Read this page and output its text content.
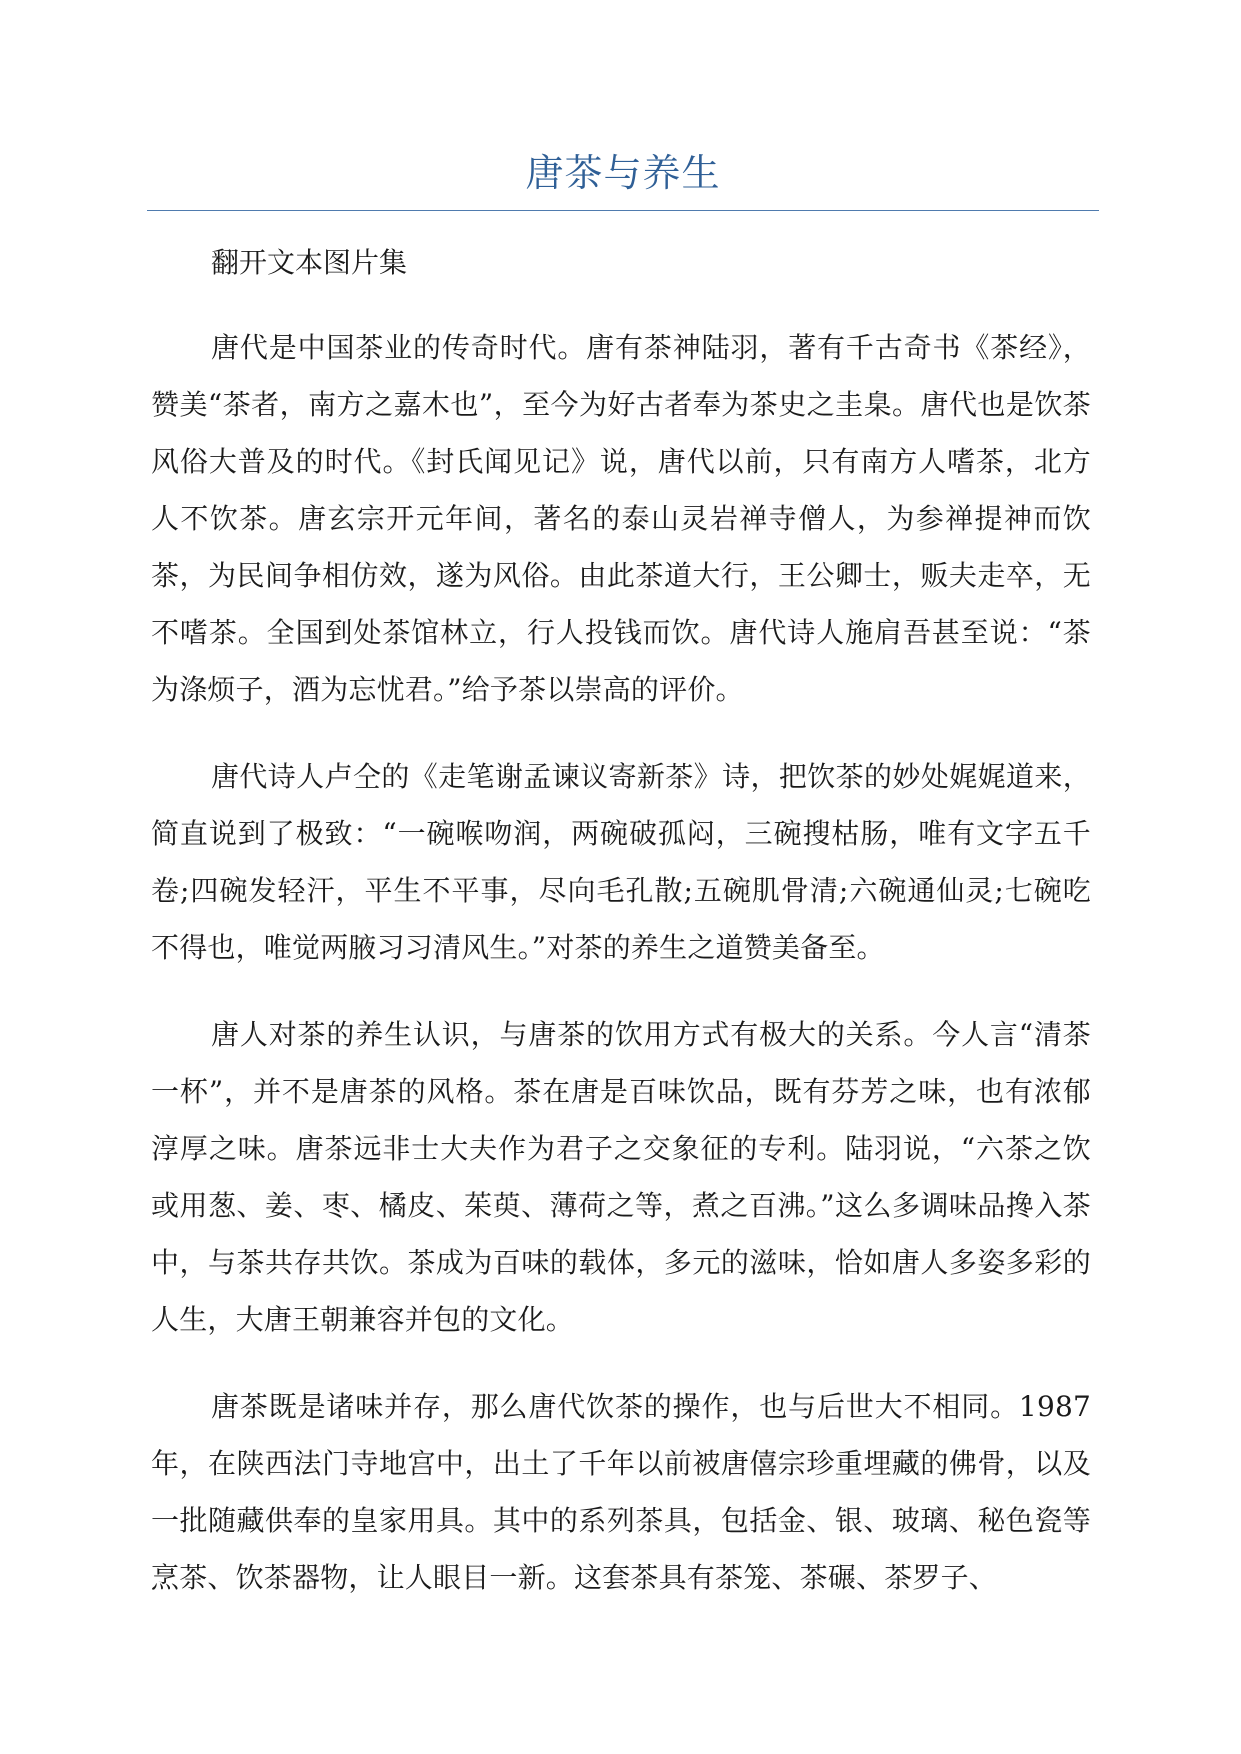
唐茶与养生

翻开文本图片集

唐代是中国茶业的传奇时代。唐有茶神陆羽，著有千古奇书《茶经》，赞美“茶者，南方之嘉木也”，至今为好古者奉为茶史之圭臬。唐代也是饮茶风俗大普及的时代。《封氏闻见记》说，唐代以前，只有南方人嗜茶，北方人不饮茶。唐玄宗开元年间，著名的泰山灵岩禅寺僧人，为参禅提神而饮茶，为民间争相仿效，遂为风俗。由此茶道大行，王公卿士，贩夫走卒，无不嗜茶。全国到处茶馆林立，行人投钱而饮。唐代诗人施肩吾甚至说：“茶为涤烦子，酒为忘忧君。”给予茶以崇高的评价。

唐代诗人卢仝的《走笔谢孟谏议寄新茶》诗，把饮茶的妙处娓娓道来，简直说到了极致：“一碗喉吻润，两碗破孤闷，三碗搜枯肠，唯有文字五千卷;四碗发轻汗，平生不平事，尽向毛孔散;五碗肌骨清;六碗通仙灵;七碗吃不得也，唯觉两腋习习清风生。”对茶的养生之道赞美备至。

唐人对茶的养生认识，与唐茶的饮用方式有极大的关系。今人言“清茶一杯”，并不是唐茶的风格。茶在唐是百味饮品，既有芬芳之味，也有浓郁淳厚之味。唐茶远非士大夫作为君子之交象征的专利。陆羽说，“六茶之饮或用葱、姜、枣、橘皮、茱萸、薄荷之等，煮之百沸。”这么多调味品搀入茶中，与茶共存共饮。茶成为百味的载体，多元的滋味，恰如唐人多姿多彩的人生，大唐王朝兼容并包的文化。

唐茶既是诸味并存，那么唐代饮茶的操作，也与后世大不相同。1987年，在陕西法门寺地宫中，出土了千年以前被唐僖宗珍重埋藏的佛骨，以及一批随藏供奉的皇家用具。其中的系列茶具，包括金、银、玻璃、秘色瓷等烹茶、饮茶器物，让人眼目一新。这套茶具有茶笼、茶碾、茶罗子、
